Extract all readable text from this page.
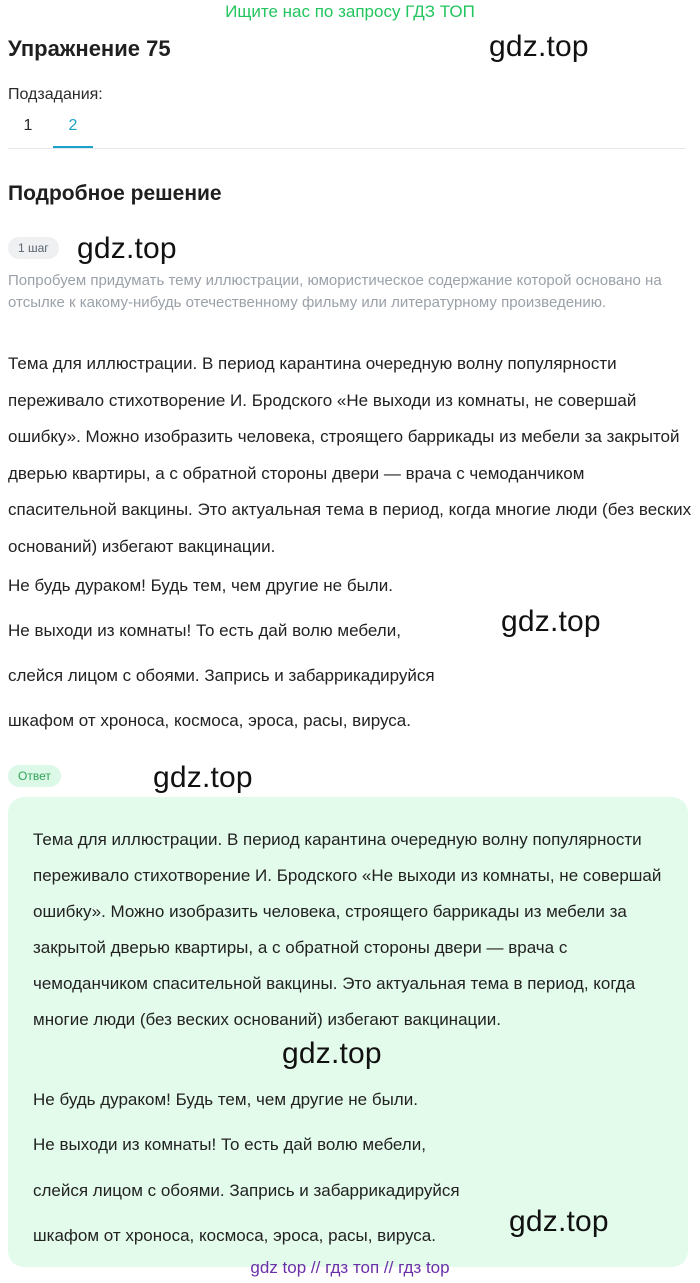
Ищите нас по запросу ГДЗ ТОП
Упражнение 75	gdz.top
Подзадания:
1	2
Подробное решение
1 шаг gdz.top

Попробуем придумать тему иллюстрации, юмористическое содержание которой основано на отсылке к какому-нибудь отечественному фильму или литературному произведению.

Тема для иллюстрации. В период карантина очередную волну популярности переживало стихотворение И. Бродского «Не выходи из комнаты, не совершай ошибку». Можно изобразить человека, строящего баррикады из мебели за закрытой дверью квартиры, а с обратной стороны двери — врача с чемоданчиком спасительной вакцины. Это актуальная тема в период, когда многие люди (без веских оснований) избегают вакцинации.

Не будь дураком! Будь тем, чем другие не были.

Не выходи из комнаты! То есть дай волю мебели,	gdz.top

слейся лицом с обоями. Запрись и забаррикадируйся

шкафом от хроноса, космоса, эроса, расы, вируса.

Ответ	gdz.top

Тема для иллюстрации. В период карантина очередную волну популярности переживало стихотворение И. Бродского «Не выходи из комнаты, не совершай ошибку». Можно изобразить человека, строящего баррикады из мебели за закрытой дверью квартиры, а с обратной стороны двери — врача с чемоданчиком спасительной вакцины. Это актуальная тема в период, когда многие люди (без веских оснований) избегают вакцинации.

gdz.top

Не будь дураком! Будь тем, чем другие не были.

Не выходи из комнаты! То есть дай волю мебели,

слейся лицом с обоями. Запрись и забаррикадируйся

шкафом от хроноса, космоса, эроса, расы, вируса. gdz.top
gdz top // гдз топ // гдз top
